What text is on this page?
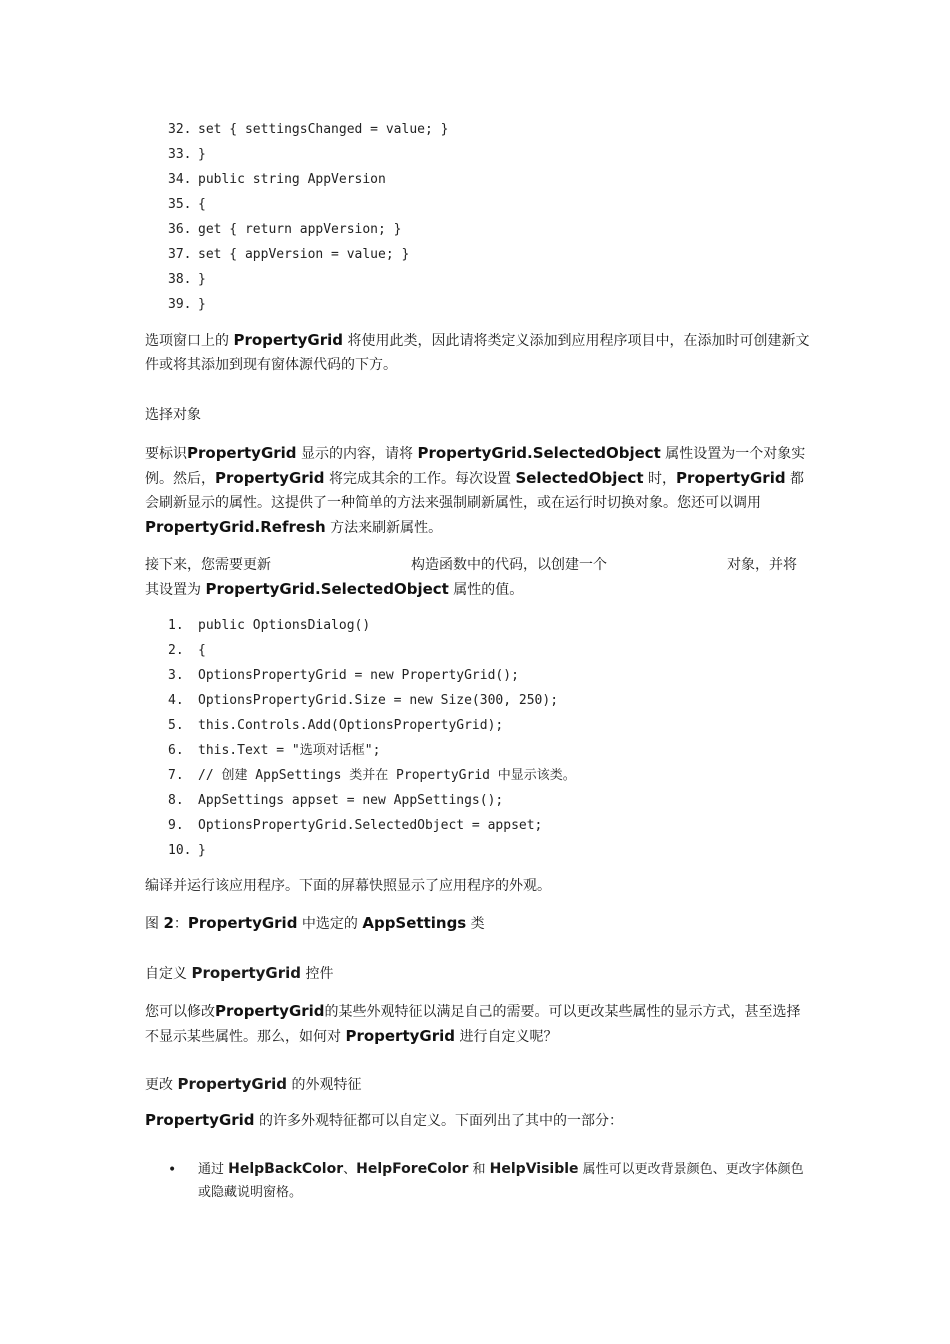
32. set { settingsChanged = value; }
33. }
34. public string AppVersion
35. {
36. get { return appVersion; }
37. set { appVersion = value; }
38. }
39. }

选项窗口上的 PropertyGrid 将使用此类，因此请将类定义添加到应用程序项目中，在添加时可创建新文件或将其添加到现有窗体源代码的下方。

选择对象

要标识PropertyGrid 显示的内容，请将 PropertyGrid.SelectedObject 属性设置为一个对象实例。然后，PropertyGrid 将完成其余的工作。每次设置 SelectedObject 时，PropertyGrid 都会刷新显示的属性。这提供了一种简单的方法来强制刷新属性，或在运行时切换对象。您还可以调用 PropertyGrid.Refresh 方法来刷新属性。

接下来，您需要更新	构造函数中的代码，以创建一个	对象，并将其设置为 PropertyGrid.SelectedObject 属性的值。

1. public OptionsDialog()
2. {
3. OptionsPropertyGrid = new PropertyGrid();
4. OptionsPropertyGrid.Size = new Size(300, 250);
5. this.Controls.Add(OptionsPropertyGrid);
6. this.Text = "选项对话框";
7. // 创建 AppSettings 类并在 PropertyGrid 中显示该类。
8. AppSettings appset = new AppSettings();
9. OptionsPropertyGrid.SelectedObject = appset;
10. }

编译并运行该应用程序。下面的屏幕快照显示了应用程序的外观。

图 2：PropertyGrid 中选定的 AppSettings 类

自定义 PropertyGrid 控件

您可以修改PropertyGrid的某些外观特征以满足自己的需要。可以更改某些属性的显示方式，甚至选择不显示某些属性。那么，如何对 PropertyGrid 进行自定义呢？

更改 PropertyGrid 的外观特征

PropertyGrid 的许多外观特征都可以自定义。下面列出了其中的一部分：

• 通过 HelpBackColor、HelpForeColor 和 HelpVisible 属性可以更改背景颜色、更改字体颜色或隐藏说明窗格。
